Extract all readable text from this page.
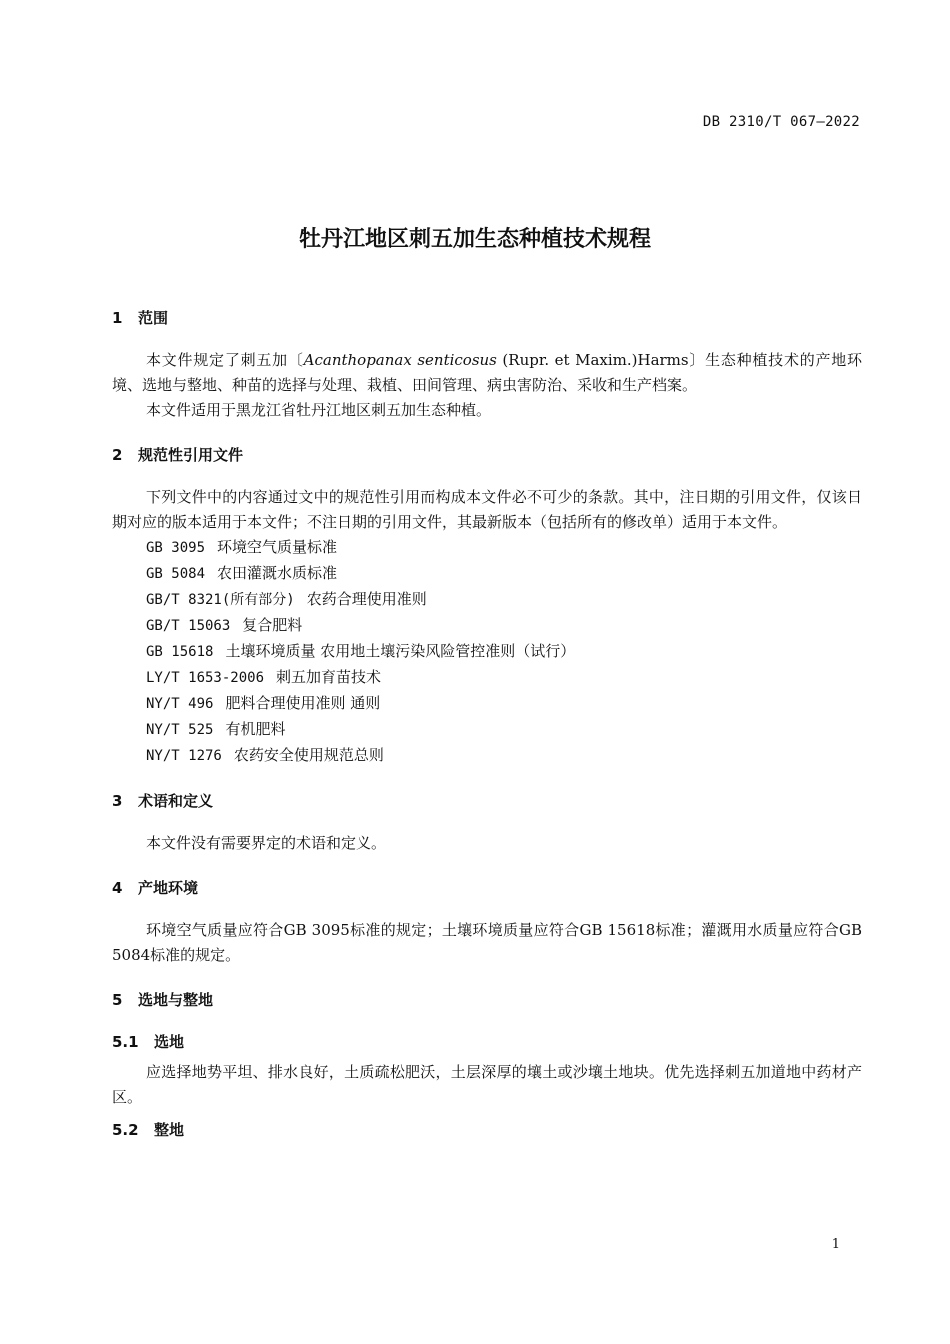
DB 2310/T 067—2022
牡丹江地区刺五加生态种植技术规程
1 范围
本文件规定了刺五加〔Acanthopanax senticosus (Rupr. et Maxim.)Harms〕生态种植技术的产地环境、选地与整地、种苗的选择与处理、栽植、田间管理、病虫害防治、采收和生产档案。
本文件适用于黑龙江省牡丹江地区刺五加生态种植。
2 规范性引用文件
下列文件中的内容通过文中的规范性引用而构成本文件必不可少的条款。其中，注日期的引用文件，仅该日期对应的版本适用于本文件；不注日期的引用文件，其最新版本（包括所有的修改单）适用于本文件。
GB 3095 环境空气质量标准
GB 5084 农田灌溉水质标准
GB/T 8321(所有部分) 农药合理使用准则
GB/T 15063 复合肥料
GB 15618 土壤环境质量 农用地土壤污染风险管控准则（试行）
LY/T 1653-2006 刺五加育苗技术
NY/T 496 肥料合理使用准则 通则
NY/T 525 有机肥料
NY/T 1276 农药安全使用规范总则
3 术语和定义
本文件没有需要界定的术语和定义。
4 产地环境
环境空气质量应符合GB 3095标准的规定；土壤环境质量应符合GB 15618标准；灌溉用水质量应符合GB 5084标准的规定。
5 选地与整地
5.1 选地
应选择地势平坦、排水良好，土质疏松肥沃，土层深厚的壤土或沙壤土地块。优先选择刺五加道地中药材产区。
5.2 整地
1
